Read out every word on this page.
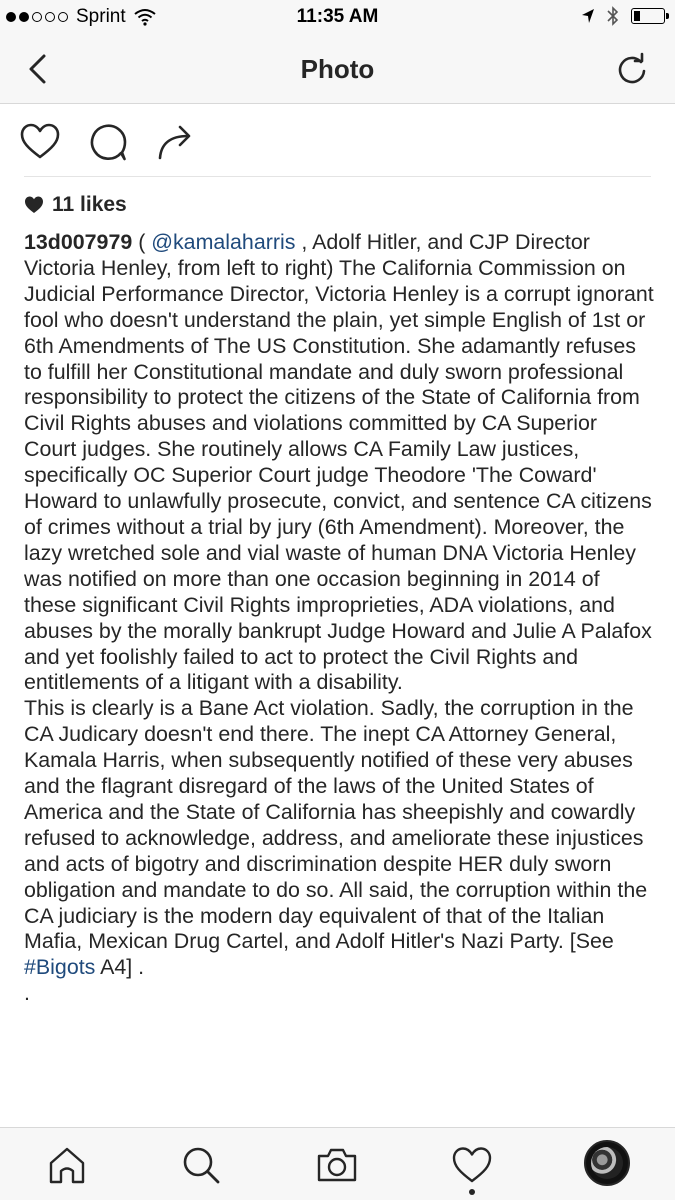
Sprint	11:35 AM
Photo
11 likes

13d007979 ( @kamalaharris , Adolf Hitler, and CJP Director Victoria Henley, from left to right) The California Commission on Judicial Performance Director, Victoria Henley is a corrupt ignorant fool who doesn't understand the plain, yet simple English of 1st or 6th Amendments of The US Constitution. She adamantly refuses to fulfill her Constitutional mandate and duly sworn professional responsibility to protect the citizens of the State of California from Civil Rights abuses and violations committed by CA Superior Court judges. She routinely allows CA Family Law justices, specifically OC Superior Court judge Theodore 'The Coward' Howard to unlawfully prosecute, convict, and sentence CA citizens of crimes without a trial by jury (6th Amendment). Moreover, the lazy wretched sole and vial waste of human DNA Victoria Henley was notified on more than one occasion beginning in 2014 of these significant Civil Rights improprieties, ADA violations, and abuses by the morally bankrupt Judge Howard and Julie A Palafox and yet foolishly failed to act to protect the Civil Rights and entitlements of a litigant with a disability.

This is clearly is a Bane Act violation. Sadly, the corruption in the CA Judicary doesn't end there. The inept CA Attorney General, Kamala Harris, when subsequently notified of these very abuses and the flagrant disregard of the laws of the United States of America and the State of California has sheepishly and cowardly refused to acknowledge, address, and ameliorate these injustices and acts of bigotry and discrimination despite HER duly sworn obligation and mandate to do so. All said, the corruption within the CA judiciary is the modern day equivalent of that of the Italian Mafia, Mexican Drug Cartel, and Adolf Hitler's Nazi Party. [See #Bigots A4] .

.
